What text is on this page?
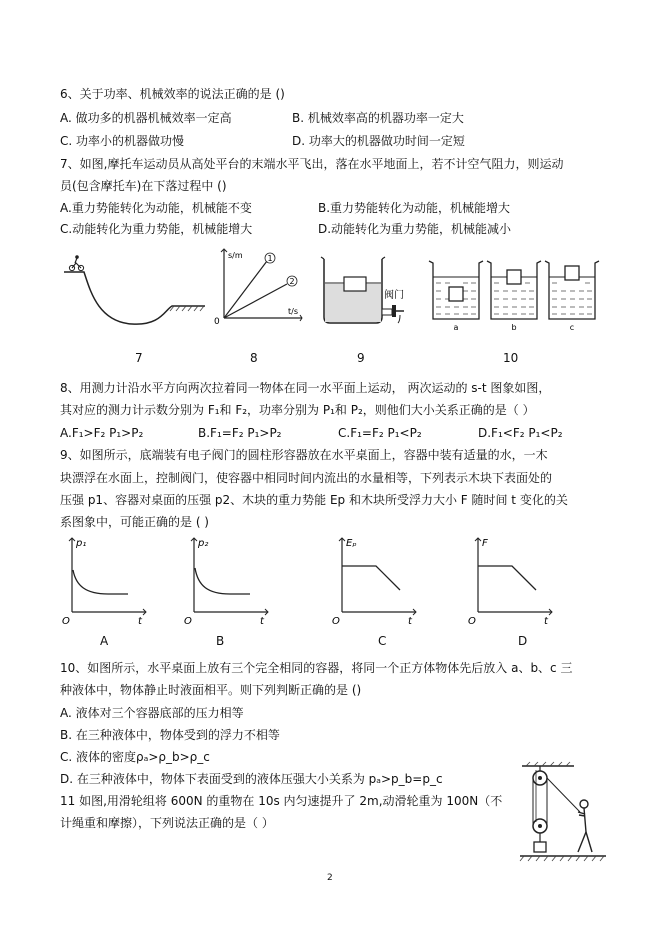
6、关于功率、机械效率的说法正确的是 ()
A. 做功多的机器机械效率一定高	B. 机械效率高的机器功率一定大
C. 功率小的机器做功慢	D. 功率大的机器做功时间一定短
7、如图,摩托车运动员从高处平台的末端水平飞出，落在水平地面上，若不计空气阻力，则运动
员(包含摩托车)在下落过程中 ()
A.重力势能转化为动能，机械能不变	B.重力势能转化为动能，机械能增大
C.动能转化为重力势能，机械能增大	D.动能转化为重力势能，机械能减小
1
2
s/m
t/s
0
阀门
a	b	c
7	8	9	10
8、用测力计沿水平方向两次拉着同一物体在同一水平面上运动， 两次运动的 s-t 图象如图，
其对应的测力计示数分别为 F₁和 F₂，功率分别为 P₁和 P₂，则他们大小关系正确的是（ ）
A.F₁>F₂ P₁>P₂	B.F₁=F₂ P₁>P₂	C.F₁=F₂ P₁<P₂	D.F₁<F₂ P₁<P₂
9、如图所示，底端装有电子阀门的圆柱形容器放在水平桌面上，容器中装有适量的水，一木
块漂浮在水面上，控制阀门，使容器中相同时间内流出的水量相等，下列表示木块下表面处的
压强 p1、容器对桌面的压强 p2、木块的重力势能 Ep 和木块所受浮力大小 F 随时间 t 变化的关
系图象中，可能正确的是 ( )
p₁
t
O
p₂
t
O
Eₚ
t
O
F
t
O
A	B	C	D
10、如图所示，水平桌面上放有三个完全相同的容器，将同一个正方体物体先后放入 a、b、c 三
种液体中，物体静止时液面相平。则下列判断正确的是 ()
A. 液体对三个容器底部的压力相等
B. 在三种液体中，物体受到的浮力不相等
C. 液体的密度ρₐ>ρ_b>ρ_c
D. 在三种液体中，物体下表面受到的液体压强大小关系为 pₐ>p_b=p_c
11 如图,用滑轮组将 600N 的重物在 10s 内匀速提升了 2m,动滑轮重为 100N（不
计绳重和摩擦），下列说法正确的是（ ）
2
